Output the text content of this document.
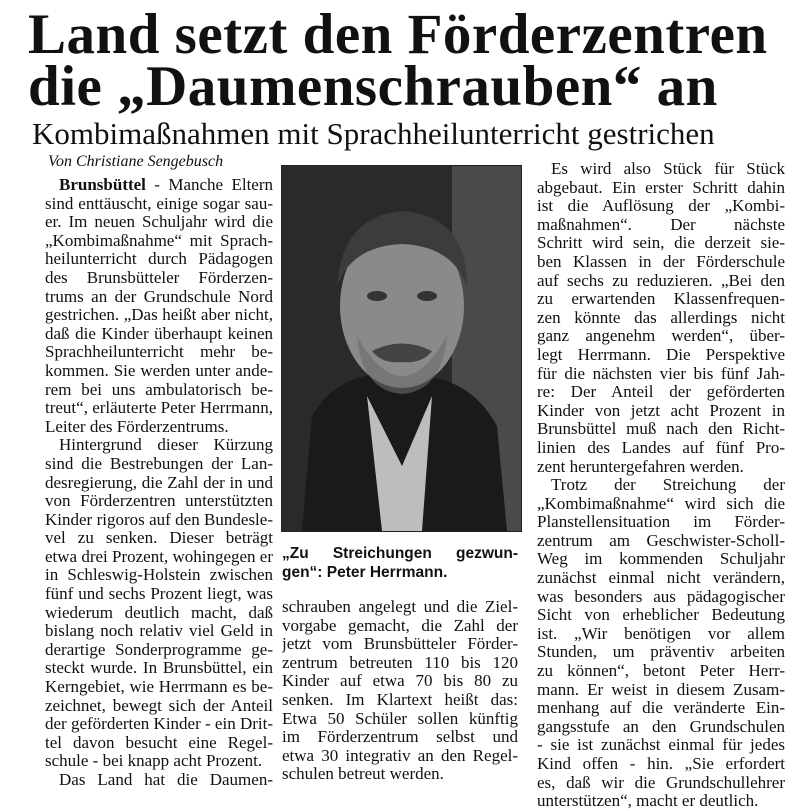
Land setzt den Förderzentren
die „Daumenschrauben“ an
Kombimaßnahmen mit Sprachheilunterricht gestrichen
Von Christiane Sengebusch
Brunsbüttel - Manche Eltern
sind enttäuscht, einige sogar sau-
er. Im neuen Schuljahr wird die
„Kombimaßnahme“ mit Sprach-
heilunterricht durch Pädagogen
des Brunsbütteler Förderzen-
trums an der Grundschule Nord
gestrichen. „Das heißt aber nicht,
daß die Kinder überhaupt keinen
Sprachheilunterricht mehr be-
kommen. Sie werden unter ande-
rem bei uns ambulatorisch be-
treut“, erläuterte Peter Herrmann,
Leiter des Förderzentrums.
Hintergrund dieser Kürzung
sind die Bestrebungen der Lan-
desregierung, die Zahl der in und
von Förderzentren unterstützten
Kinder rigoros auf den Bundesle-
vel zu senken. Dieser beträgt
etwa drei Prozent, wohingegen er
in Schleswig-Holstein zwischen
fünf und sechs Prozent liegt, was
wiederum deutlich macht, daß
bislang noch relativ viel Geld in
derartige Sonderprogramme ge-
steckt wurde. In Brunsbüttel, ein
Kerngebiet, wie Herrmann es be-
zeichnet, bewegt sich der Anteil
der geförderten Kinder - ein Drit-
tel davon besucht eine Regel-
schule - bei knapp acht Prozent.
Das Land hat die Daumen-
„Zu Streichungen gezwun-
gen“: Peter Herrmann.
schrauben angelegt und die Ziel-
vorgabe gemacht, die Zahl der
jetzt vom Brunsbütteler Förder-
zentrum betreuten 110 bis 120
Kinder auf etwa 70 bis 80 zu
senken. Im Klartext heißt das:
Etwa 50 Schüler sollen künftig
im Förderzentrum selbst und
etwa 30 integrativ an den Regel-
schulen betreut werden.
Es wird also Stück für Stück
abgebaut. Ein erster Schritt dahin
ist die Auflösung der „Kombi-
maßnahmen“. Der nächste
Schritt wird sein, die derzeit sie-
ben Klassen in der Förderschule
auf sechs zu reduzieren. „Bei den
zu erwartenden Klassenfrequen-
zen könnte das allerdings nicht
ganz angenehm werden“, über-
legt Herrmann. Die Perspektive
für die nächsten vier bis fünf Jah-
re: Der Anteil der geförderten
Kinder von jetzt acht Prozent in
Brunsbüttel muß nach den Richt-
linien des Landes auf fünf Pro-
zent heruntergefahren werden.
Trotz der Streichung der
„Kombimaßnahme“ wird sich die
Planstellensituation im Förder-
zentrum am Geschwister-Scholl-
Weg im kommenden Schuljahr
zunächst einmal nicht verändern,
was besonders aus pädagogischer
Sicht von erheblicher Bedeutung
ist. „Wir benötigen vor allem
Stunden, um präventiv arbeiten
zu können“, betont Peter Herr-
mann. Er weist in diesem Zusam-
menhang auf die veränderte Ein-
gangsstufe an den Grundschulen
- sie ist zunächst einmal für jedes
Kind offen - hin. „Sie erfordert
es, daß wir die Grundschullehrer
unterstützen“, macht er deutlich.
